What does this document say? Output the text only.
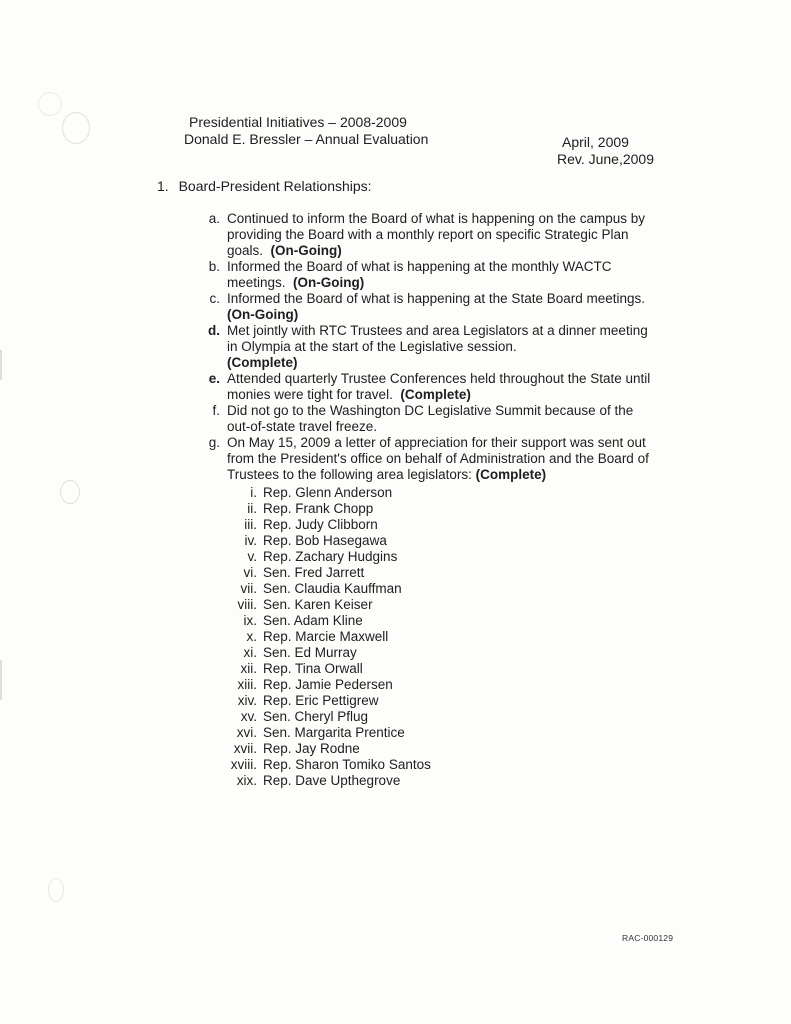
Presidential Initiatives – 2008-2009
Donald E. Bressler – Annual Evaluation	April, 2009
Rev. June,2009
1. Board-President Relationships:
a. Continued to inform the Board of what is happening on the campus by providing the Board with a monthly report on specific Strategic Plan goals. (On-Going)
b. Informed the Board of what is happening at the monthly WACTC meetings. (On-Going)
c. Informed the Board of what is happening at the State Board meetings.  (On-Going)
d. Met jointly with RTC Trustees and area Legislators at a dinner meeting in Olympia at the start of the Legislative session.
(Complete)
e. Attended quarterly Trustee Conferences held throughout the State until monies were tight for travel. (Complete)
f. Did not go to the Washington DC Legislative Summit because of the out-of-state travel freeze.
g. On May 15, 2009 a letter of appreciation for their support was sent out from the President's office on behalf of Administration and the Board of Trustees to the following area legislators: (Complete)
i. Rep. Glenn Anderson
ii. Rep. Frank Chopp
iii. Rep. Judy Clibborn
iv. Rep. Bob Hasegawa
v. Rep. Zachary Hudgins
vi. Sen. Fred Jarrett
vii. Sen. Claudia Kauffman
viii. Sen. Karen Keiser
ix. Sen. Adam Kline
x. Rep. Marcie Maxwell
xi. Sen. Ed Murray
xii. Rep. Tina Orwall
xiii. Rep. Jamie Pedersen
xiv. Rep. Eric Pettigrew
xv. Sen. Cheryl Pflug
xvi. Sen. Margarita Prentice
xvii. Rep. Jay Rodne
xviii. Rep. Sharon Tomiko Santos
xix. Rep. Dave Upthegrove
RAC-000129
